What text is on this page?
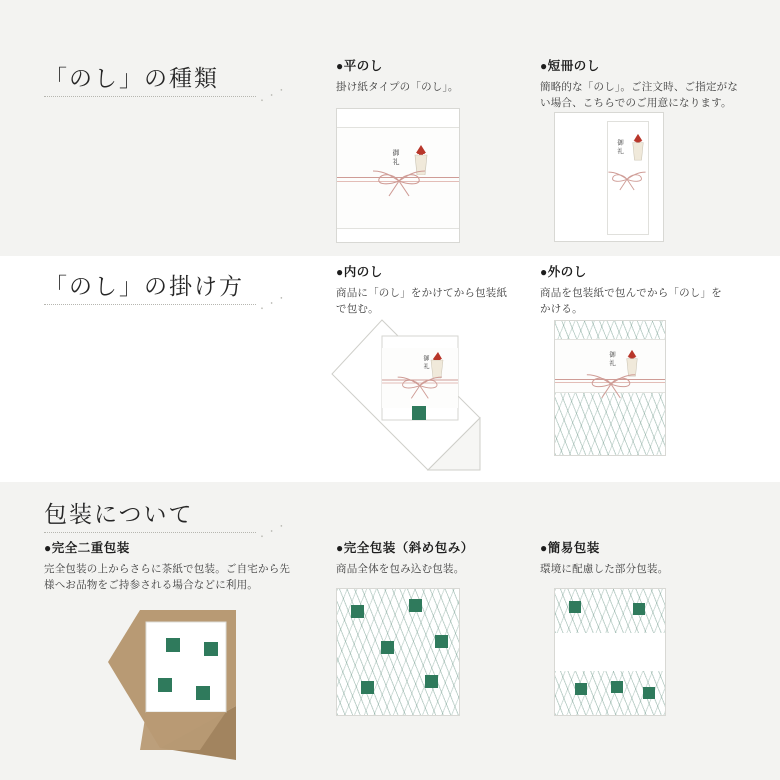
「のし」の種類
・・・
●平のし
掛け紙タイプの「のし」。
御礼
●短冊のし
簡略的な「のし」。ご注文時、ご指定がない場合、こちらでのご用意になります。
御礼
「のし」の掛け方
・・・
●内のし
商品に「のし」をかけてから包装紙で包む。
御礼
●外のし
商品を包装紙で包んでから「のし」をかける。
御礼
包装について
・・・
●完全二重包装
完全包装の上からさらに茶紙で包装。ご自宅から先様へお品物をご持参される場合などに利用。
●完全包装（斜め包み）
商品全体を包み込む包装。
●簡易包装
環境に配慮した部分包装。
